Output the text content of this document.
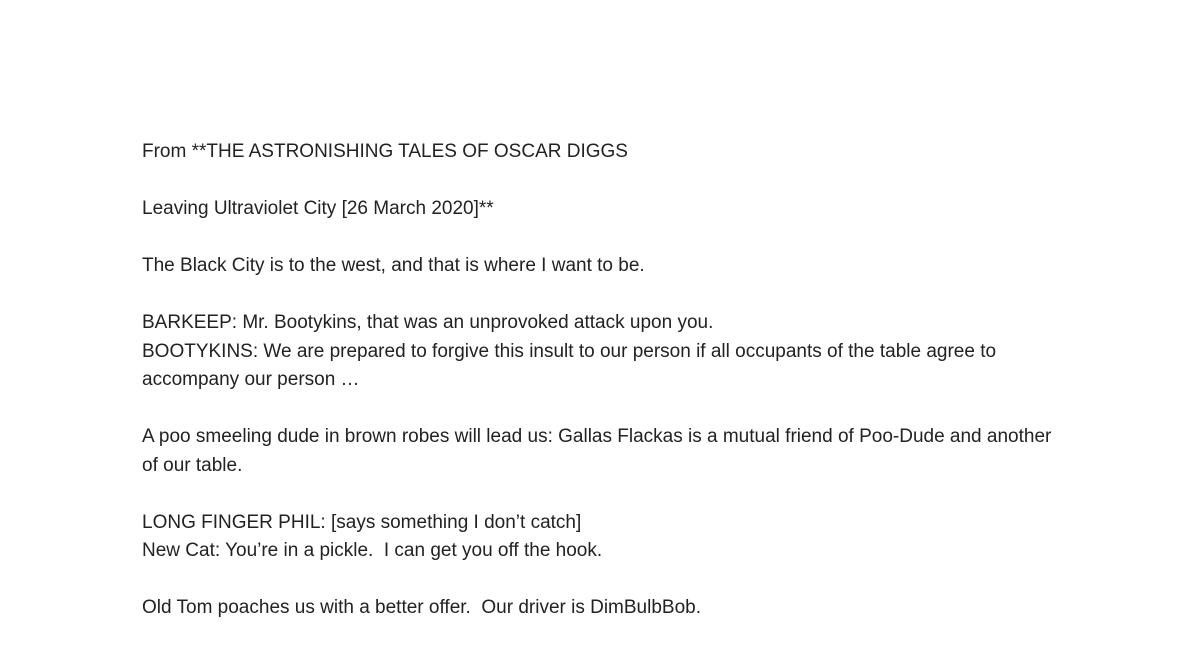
From **THE ASTRONISHING TALES OF OSCAR DIGGS

Leaving Ultraviolet City [26 March 2020]**

The Black City is to the west, and that is where I want to be.

BARKEEP: Mr. Bootykins, that was an unprovoked attack upon you.

BOOTYKINS: We are prepared to forgive this insult to our person if all occupants of the table agree to accompany our person …

A poo smeeling dude in brown robes will lead us: Gallas Flackas is a mutual friend of Poo-Dude and another of our table.

LONG FINGER PHIL: [says something I don’t catch]

New Cat: You’re in a pickle.  I can get you off the hook.

Old Tom poaches us with a better offer.  Our driver is DimBulbBob.
